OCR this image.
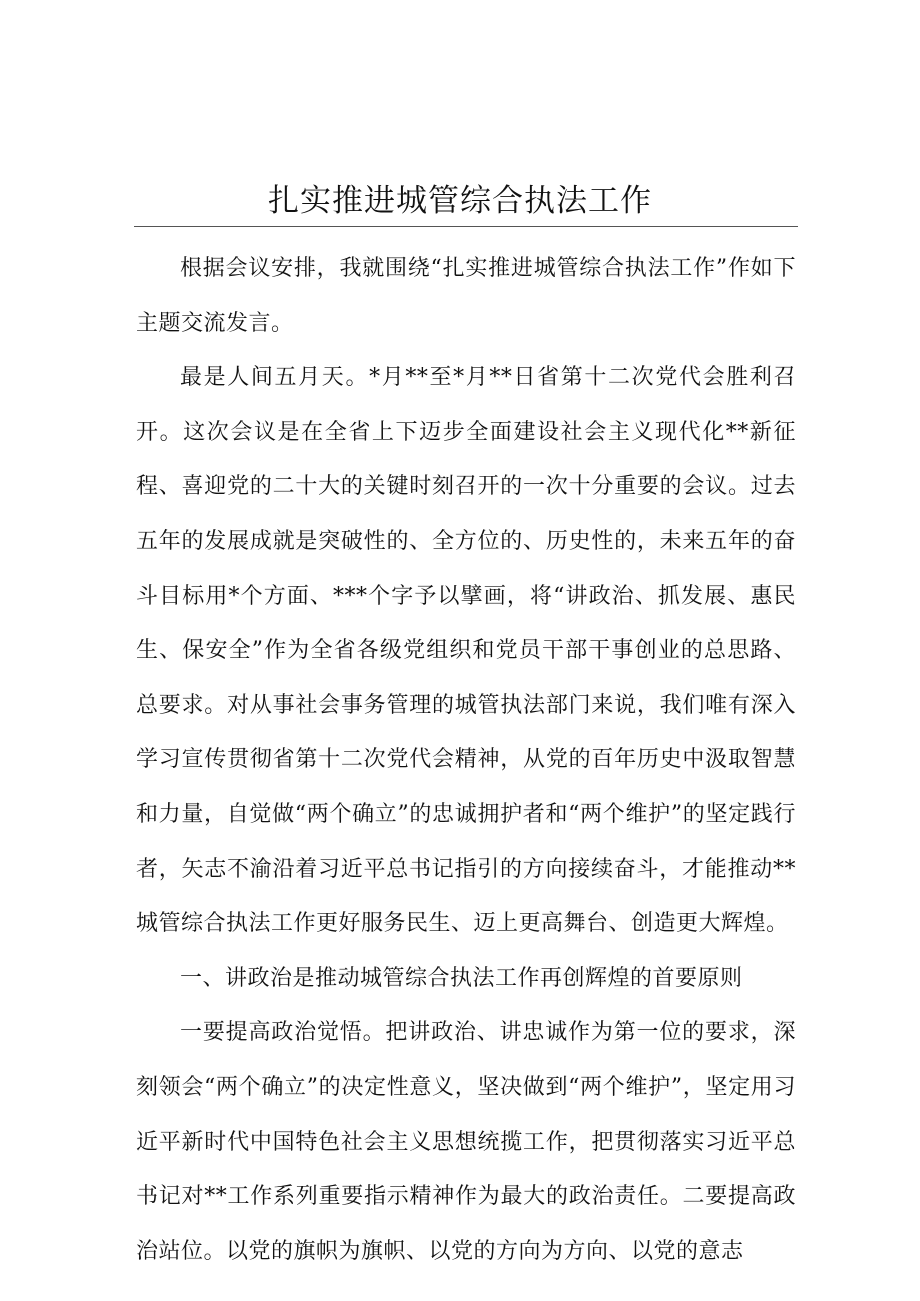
扎实推进城管综合执法工作

根据会议安排，我就围绕“扎实推进城管综合执法工作”作如下主题交流发言。

最是人间五月天。*月**至*月**日省第十二次党代会胜利召开。这次会议是在全省上下迈步全面建设社会主义现代化**新征程、喜迎党的二十大的关键时刻召开的一次十分重要的会议。过去五年的发展成就是突破性的、全方位的、历史性的，未来五年的奋斗目标用*个方面、***个字予以擘画，将“讲政治、抓发展、惠民生、保安全”作为全省各级党组织和党员干部干事创业的总思路、总要求。对从事社会事务管理的城管执法部门来说，我们唯有深入学习宣传贯彻省第十二次党代会精神，从党的百年历史中汲取智慧和力量，自觉做“两个确立”的忠诚拥护者和“两个维护”的坚定践行者，矢志不渝沿着习近平总书记指引的方向接续奋斗，才能推动**城管综合执法工作更好服务民生、迈上更高舞台、创造更大辉煌。

一、讲政治是推动城管综合执法工作再创辉煌的首要原则

一要提高政治觉悟。把讲政治、讲忠诚作为第一位的要求，深刻领会“两个确立”的决定性意义，坚决做到“两个维护”，坚定用习近平新时代中国特色社会主义思想统揽工作，把贯彻落实习近平总书记对**工作系列重要指示精神作为最大的政治责任。二要提高政治站位。以党的旗帜为旗帜、以党的方向为方向、以党的意志
